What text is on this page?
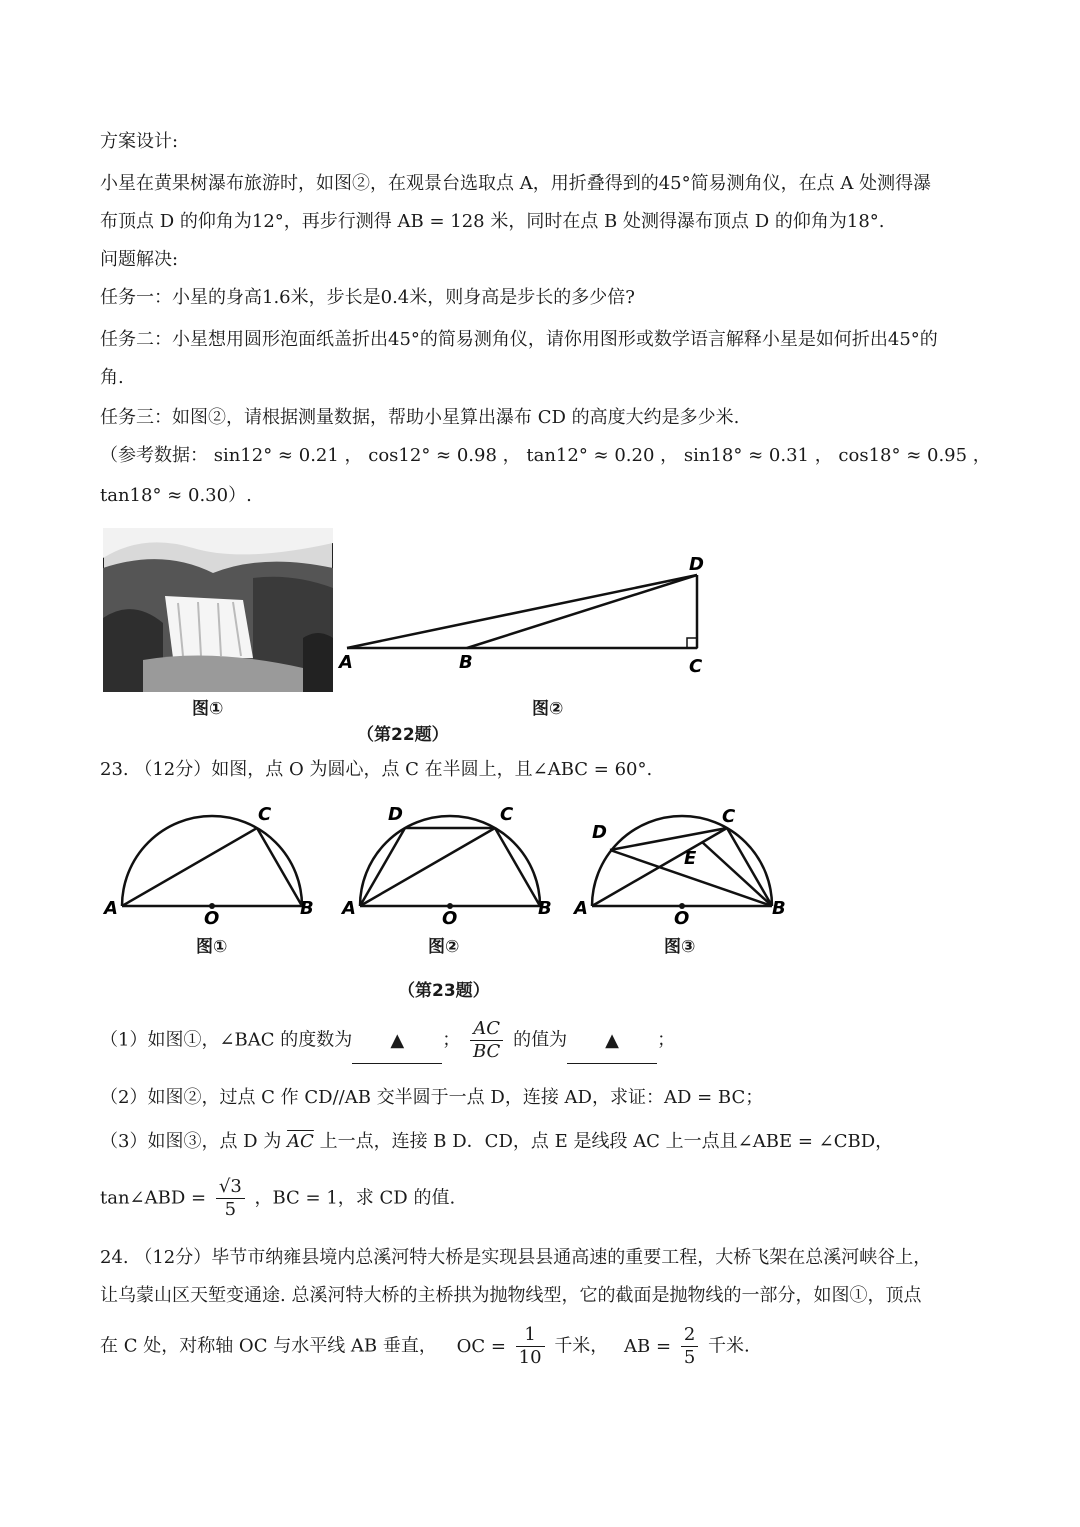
方案设计:
小星在黄果树瀑布旅游时，如图②，在观景台选取点 A，用折叠得到的45°简易测角仪，在点 A 处测得瀑
布顶点 D 的仰角为12°，再步行测得 AB = 128 米，同时在点 B 处测得瀑布顶点 D 的仰角为18°.
问题解决:
任务一：小星的身高1.6米，步长是0.4米，则身高是步长的多少倍?
任务二：小星想用圆形泡面纸盖折出45°的简易测角仪，请你用图形或数学语言解释小星是如何折出45°的
角.
任务三：如图②，请根据测量数据，帮助小星算出瀑布 CD 的高度大约是多少米.
（参考数据： sin12° ≈ 0.21 ， cos12° ≈ 0.98 ， tan12° ≈ 0.20 ， sin18° ≈ 0.31 ， cos18° ≈ 0.95 ，
tan18° ≈ 0.30）.
A	B	C
D
图①	图②
（第22题）
23. （12分）如图，点 O 为圆心，点 C 在半圆上，且∠ABC = 60°.
A	B
C
O	A	B
C
D
O	A	B
C
D
E
O
图①	图②	图③
（第23题）
（1）如图①，∠BAC 的度数为 ▲ ； $\frac{AC}{BC}$ 的值为 ▲ ；
（2）如图②，过点 C 作 CD//AB 交半圆于一点 D，连接 AD，求证：AD = BC；
（3）如图③，点 D 为 $\overline{AC}$ 上一点，连接 B D．CD，点 E 是线段 AC 上一点且∠ABE = ∠CBD，
tan∠ABD = $\frac{√3}{5}$ ，BC = 1，求 CD 的值.
24. （12分）毕节市纳雍县境内总溪河特大桥是实现县县通高速的重要工程，大桥飞架在总溪河峡谷上，
让乌蒙山区天堑变通途. 总溪河特大桥的主桥拱为抛物线型，它的截面是抛物线的一部分，如图①，顶点
在 C 处，对称轴 OC 与水平线 AB 垂直， OC = $\frac{1}{10}$ 千米， AB = $\frac{2}{5}$ 千米.
